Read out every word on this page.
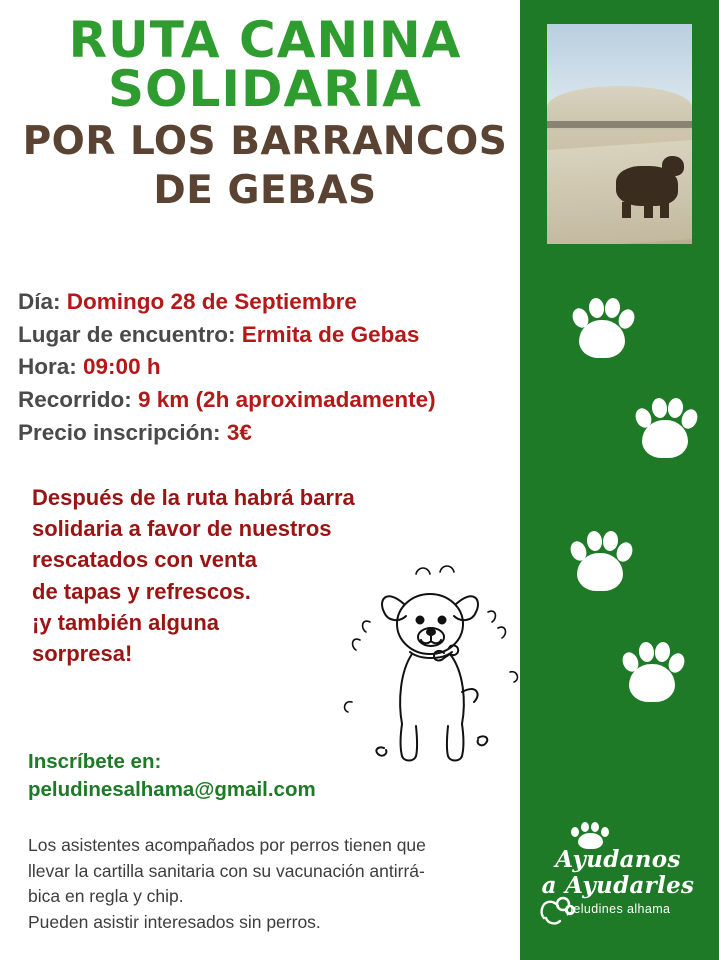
RUTA CANINA
SOLIDARIA
POR LOS BARRANCOS
DE GEBAS
Día: Domingo 28 de Septiembre
Lugar de encuentro: Ermita de Gebas
Hora: 09:00 h
Recorrido: 9 km (2h aproximadamente)
Precio inscripción: 3€
Después de la ruta habrá barra
solidaria a favor de nuestros
rescatados con venta
de tapas y refrescos.
¡y también alguna
sorpresa!
Inscríbete en:
peludinesalhama@gmail.com

Los asistentes acompañados por perros tienen que

llevar la cartilla sanitaria con su vacunación antirrá-

bica en regla y chip.

Pueden asistir interesados sin perros.

Ayudanos
a Ayudarles
peludines alhama
